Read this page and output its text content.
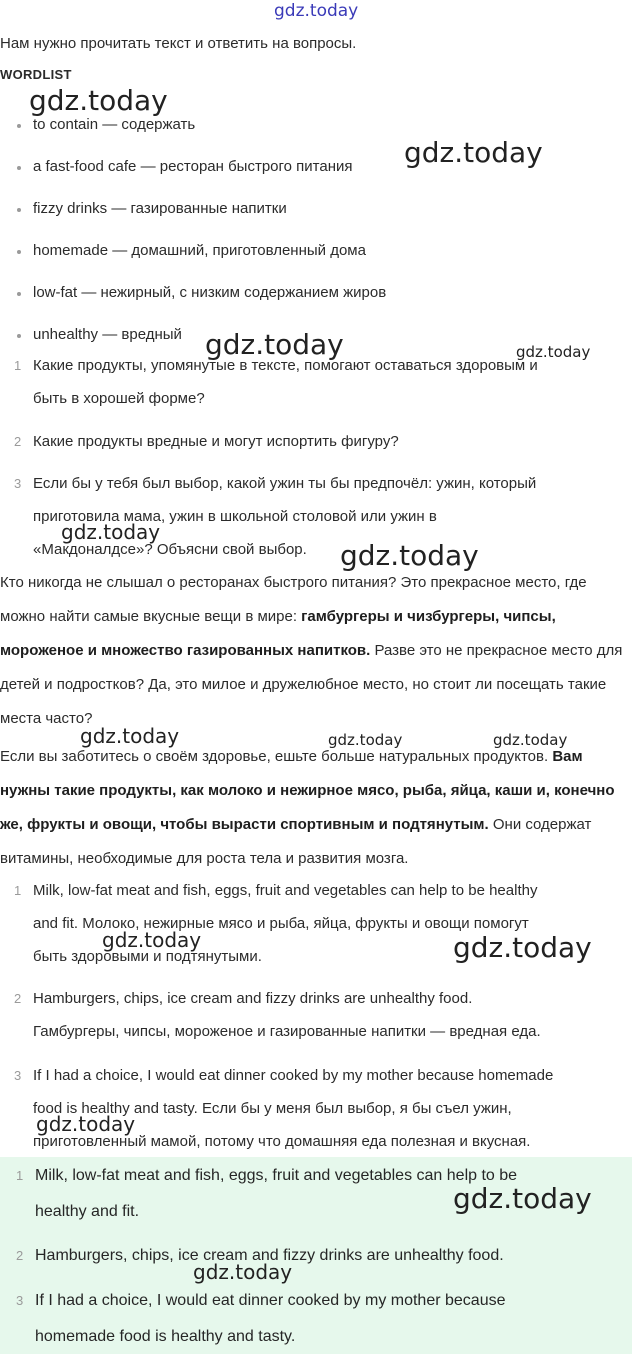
Нам нужно прочитать текст и ответить на вопросы.
WORDLIST
to contain — содержать
a fast-food cafe — ресторан быстрого питания
fizzy drinks — газированные напитки
homemade — домашний, приготовленный дома
low-fat — нежирный, с низким содержанием жиров
unhealthy — вредный
1 Какие продукты, упомянутые в тексте, помогают оставаться здоровым и
быть в хорошей форме?
2 Какие продукты вредные и могут испортить фигуру?
3 Если бы у тебя был выбор, какой ужин ты бы предпочёл: ужин, который
приготовила мама, ужин в школьной столовой или ужин в
«Макдоналдсе»? Объясни свой выбор.
Кто никогда не слышал о ресторанах быстрого питания? Это прекрасное место, где можно найти самые вкусные вещи в мире: гамбургеры и чизбургеры, чипсы, мороженое и множество газированных напитков. Разве это не прекрасное место для детей и подростков? Да, это милое и дружелюбное место, но стоит ли посещать такие места часто?
Если вы заботитесь о своём здоровье, ешьте больше натуральных продуктов. Вам нужны такие продукты, как молоко и нежирное мясо, рыба, яйца, каши и, конечно же, фрукты и овощи, чтобы вырасти спортивным и подтянутым. Они содержат витамины, необходимые для роста тела и развития мозга.
1 Milk, low-fat meat and fish, eggs, fruit and vegetables can help to be healthy
and fit. Молоко, нежирные мясо и рыба, яйца, фрукты и овощи помогут
быть здоровыми и подтянутыми.
2 Hamburgers, chips, ice cream and fizzy drinks are unhealthy food.
Гамбургеры, чипсы, мороженое и газированные напитки — вредная еда.
3 If I had a choice, I would eat dinner cooked by my mother because homemade
food is healthy and tasty. Если бы у меня был выбор, я бы съел ужин,
приготовленный мамой, потому что домашняя еда полезная и вкусная.
1 Milk, low-fat meat and fish, eggs, fruit and vegetables can help to be
healthy and fit.
2 Hamburgers, chips, ice cream and fizzy drinks are unhealthy food.
3 If I had a choice, I would eat dinner cooked by my mother because
homemade food is healthy and tasty.
gdz.today
gdz.today
gdz.today
gdz.today	gdz.today
gdz.today
gdz.today
gdz.today	gdz.today	gdz.today
gdz.today	gdz.today
gdz.today
gdz.today
gdz.today
